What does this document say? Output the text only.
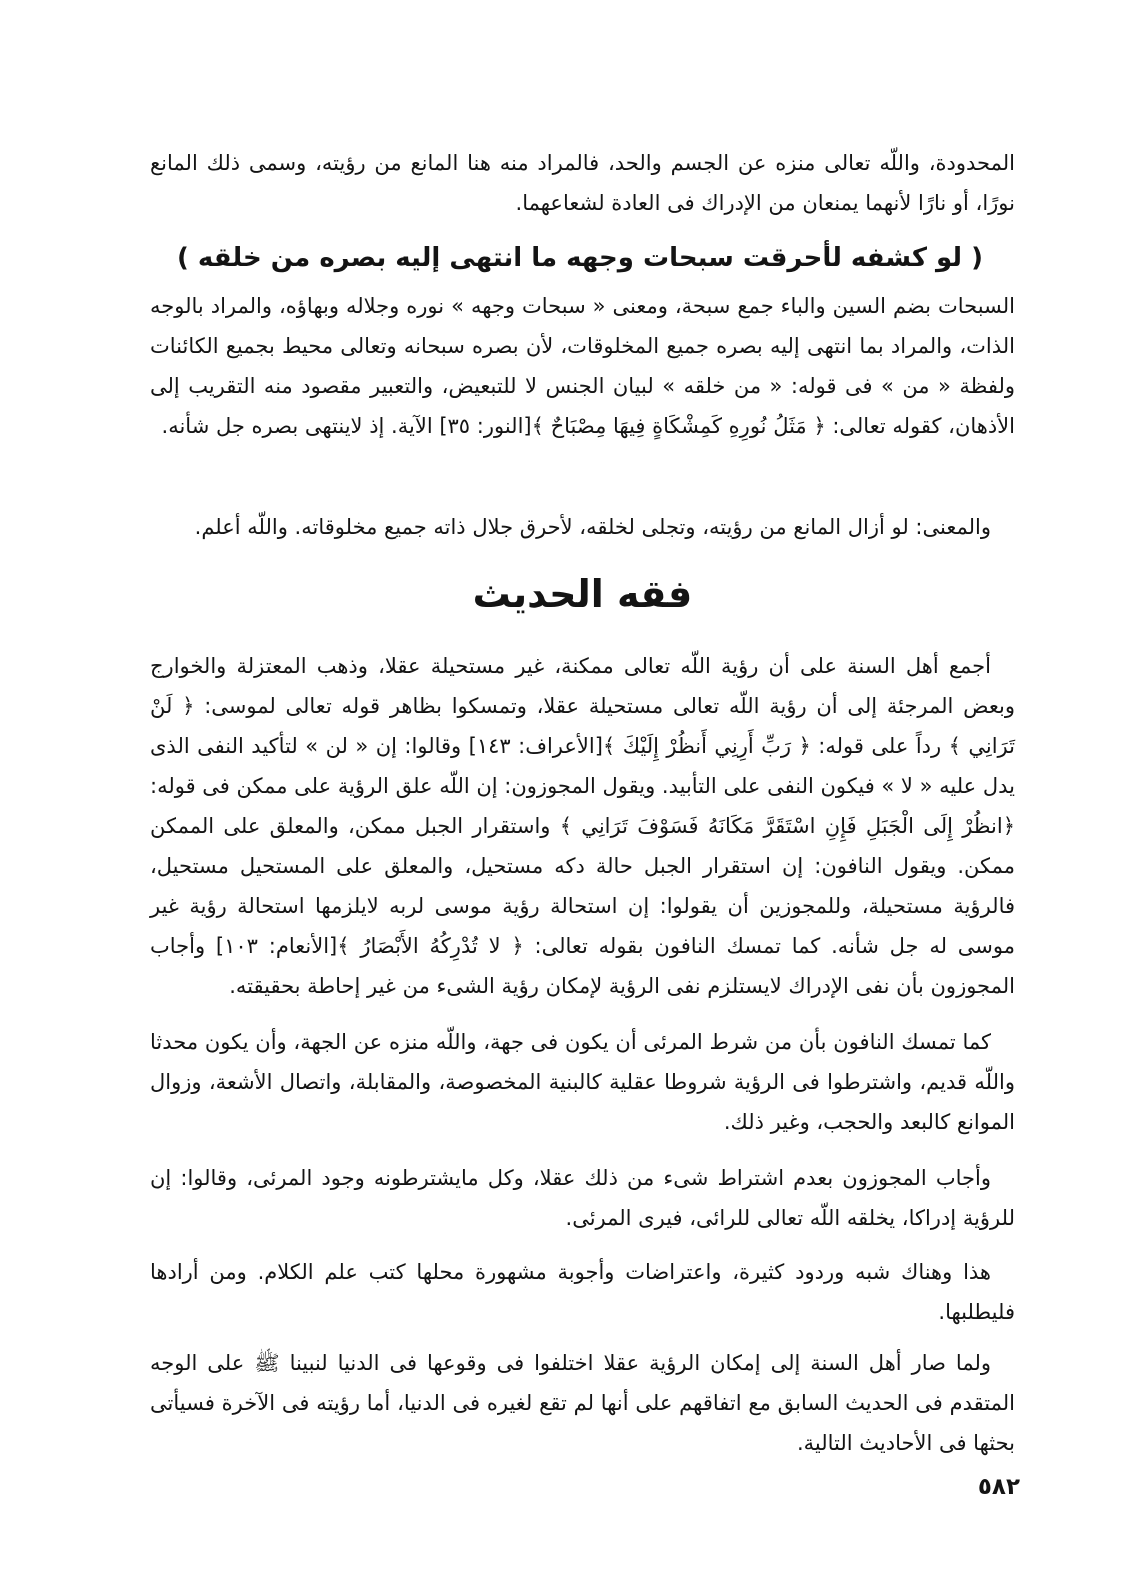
المحدودة، واللّه تعالى منزه عن الجسم والحد، فالمراد منه هنا المانع من رؤيته، وسمى ذلك المانع نورًا، أو نارًا لأنهما يمنعان من الإدراك فى العادة لشعاعهما.

( لو كشفه لأحرقت سبحات وجهه ما انتهى إليه بصره من خلقه )

السبحات بضم السين والباء جمع سبحة، ومعنى « سبحات وجهه » نوره وجلاله وبهاؤه، والمراد بالوجه الذات، والمراد بما انتهى إليه بصره جميع المخلوقات، لأن بصره سبحانه وتعالى محيط بجميع الكائنات ولفظة « من » فى قوله: « من خلقه » لبيان الجنس لا للتبعيض، والتعبير مقصود منه التقريب إلى الأذهان، كقوله تعالى: ﴿ مَثَلُ نُورِهِ كَمِشْكَاةٍ فِيهَا مِصْبَاحٌ ﴾[النور: ٣٥] الآية. إذ لاينتهى بصره جل شأنه.

والمعنى: لو أزال المانع من رؤيته، وتجلى لخلقه، لأحرق جلال ذاته جميع مخلوقاته. واللّه أعلم.

فقه الحديث

أجمع أهل السنة على أن رؤية اللّه تعالى ممكنة، غير مستحيلة عقلا، وذهب المعتزلة والخوارج وبعض المرجئة إلى أن رؤية اللّه تعالى مستحيلة عقلا، وتمسكوا بظاهر قوله تعالى لموسى: ﴿ لَنْ تَرَانِي ﴾ رداً على قوله: ﴿ رَبِّ أَرِنِي أَنظُرْ إِلَيْكَ ﴾[الأعراف: ١٤٣] وقالوا: إن « لن » لتأكيد النفى الذى يدل عليه « لا » فيكون النفى على التأبيد. ويقول المجوزون: إن اللّه علق الرؤية على ممكن فى قوله: ﴿انظُرْ إِلَى الْجَبَلِ فَإِنِ اسْتَقَرَّ مَكَانَهُ فَسَوْفَ تَرَانِي ﴾ واستقرار الجبل ممكن، والمعلق على الممكن ممكن. ويقول النافون: إن استقرار الجبل حالة دكه مستحيل، والمعلق على المستحيل مستحيل، فالرؤية مستحيلة، وللمجوزين أن يقولوا: إن استحالة رؤية موسى لربه لايلزمها استحالة رؤية غير موسى له جل شأنه. كما تمسك النافون بقوله تعالى: ﴿ لا تُدْرِكُهُ الأَبْصَارُ ﴾[الأنعام: ١٠٣] وأجاب المجوزون بأن نفى الإدراك لايستلزم نفى الرؤية لإمكان رؤية الشىء من غير إحاطة بحقيقته.

كما تمسك النافون بأن من شرط المرئى أن يكون فى جهة، واللّه منزه عن الجهة، وأن يكون محدثا واللّه قديم، واشترطوا فى الرؤية شروطا عقلية كالبنية المخصوصة، والمقابلة، واتصال الأشعة، وزوال الموانع كالبعد والحجب، وغير ذلك.

وأجاب المجوزون بعدم اشتراط شىء من ذلك عقلا، وكل مايشترطونه وجود المرئى، وقالوا: إن للرؤية إدراكا، يخلقه اللّه تعالى للرائى، فيرى المرئى.

هذا وهناك شبه وردود كثيرة، واعتراضات وأجوبة مشهورة محلها كتب علم الكلام. ومن أرادها فليطلبها.

ولما صار أهل السنة إلى إمكان الرؤية عقلا اختلفوا فى وقوعها فى الدنيا لنبينا ﷺ على الوجه المتقدم فى الحديث السابق مع اتفاقهم على أنها لم تقع لغيره فى الدنيا، أما رؤيته فى الآخرة فسيأتى بحثها فى الأحاديث التالية.

٥٨٢
